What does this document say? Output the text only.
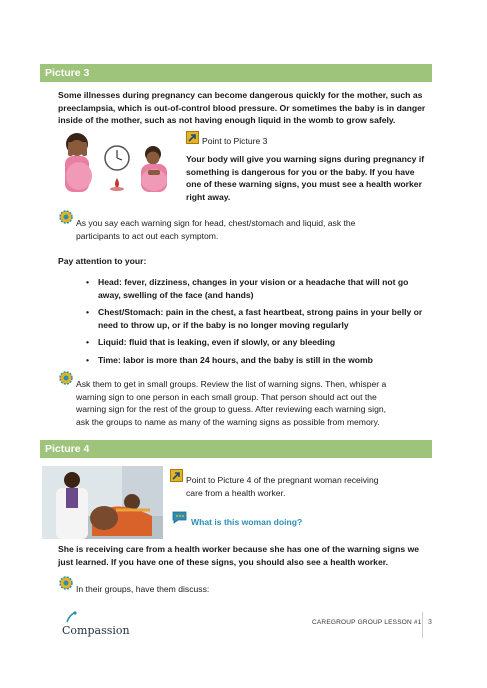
Picture 3
Some illnesses during pregnancy can become dangerous quickly for the mother, such as
preeclampsia, which is out-of-control blood pressure. Or sometimes the baby is in danger
inside of the mother, such as not having enough liquid in the womb to grow safely.
Point to Picture 3
Your body will give you warning signs during pregnancy if
something is dangerous for you or the baby. If you have
one of these warning signs, you must see a health worker
right away.
As you say each warning sign for head, chest/stomach and liquid, ask the
participants to act out each symptom.
Pay attention to your:
• Head: fever, dizziness, changes in your vision or a headache that will not go
away, swelling of the face (and hands)
• Chest/Stomach: pain in the chest, a fast heartbeat, strong pains in your belly or
need to throw up, or if the baby is no longer moving regularly
• Liquid: fluid that is leaking, even if slowly, or any bleeding
• Time: labor is more than 24 hours, and the baby is still in the womb
Ask them to get in small groups. Review the list of warning signs. Then, whisper a
warning sign to one person in each small group. That person should act out the
warning sign for the rest of the group to guess. After reviewing each warning sign,
ask the groups to name as many of the warning signs as possible from memory.
Picture 4
Point to Picture 4 of the pregnant woman receiving
care from a health worker.
What is this woman doing?
She is receiving care from a health worker because she has one of the warning signs we
just learned. If you have one of these signs, you should also see a health worker.
In their groups, have them discuss:
Compassion
CAREGROUP GROUP LESSON #1 3
